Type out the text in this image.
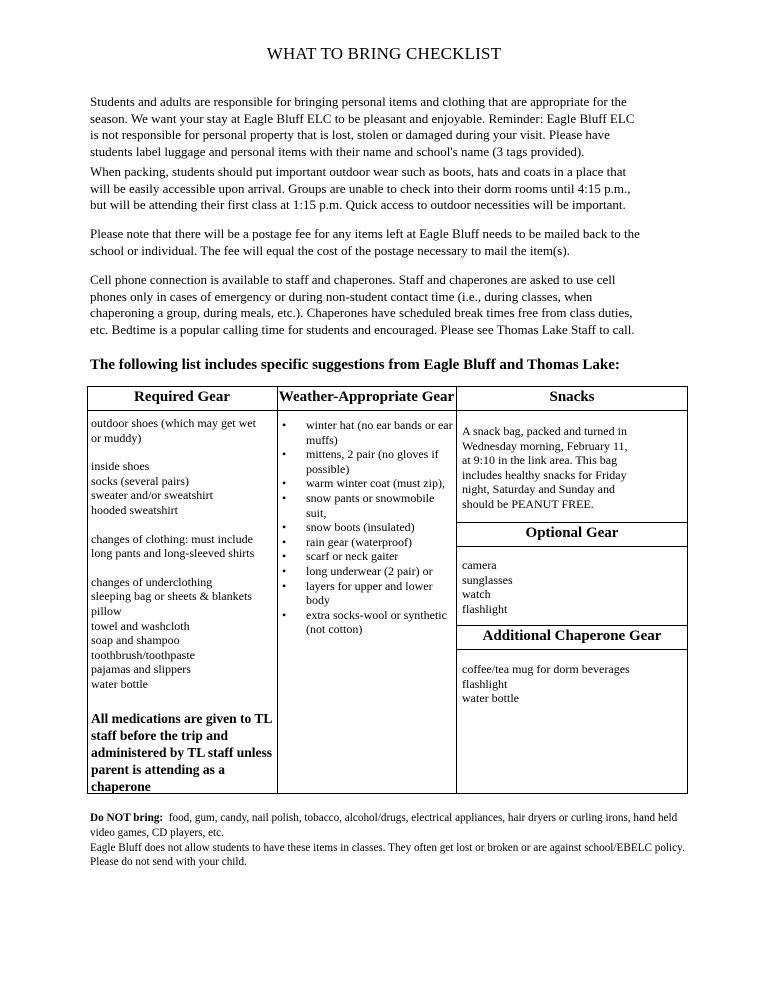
WHAT TO BRING CHECKLIST

Students and adults are responsible for bringing personal items and clothing that are appropriate for the
season. We want your stay at Eagle Bluff ELC to be pleasant and enjoyable. Reminder: Eagle Bluff ELC
is not responsible for personal property that is lost, stolen or damaged during your visit. Please have
students label luggage and personal items with their name and school's name (3 tags provided).

When packing, students should put important outdoor wear such as boots, hats and coats in a place that
will be easily accessible upon arrival. Groups are unable to check into their dorm rooms until 4:15 p.m.,
but will be attending their first class at 1:15 p.m. Quick access to outdoor necessities will be important.

Please note that there will be a postage fee for any items left at Eagle Bluff needs to be mailed back to the
school or individual. The fee will equal the cost of the postage necessary to mail the item(s).

Cell phone connection is available to staff and chaperones. Staff and chaperones are asked to use cell
phones only in cases of emergency or during non-student contact time (i.e., during classes, when
chaperoning a group, during meals, etc.). Chaperones have scheduled break times free from class duties,
etc. Bedtime is a popular calling time for students and encouraged. Please see Thomas Lake Staff to call.

The following list includes specific suggestions from Eagle Bluff and Thomas Lake:
Required Gear	Weather-Appropriate Gear	Snacks
outdoor shoes (which may get wet
or muddy)
inside shoes
socks (several pairs)
sweater and/or sweatshirt
hooded sweatshirt
changes of clothing: must include
long pants and long-sleeved shirts
changes of underclothing
sleeping bag or sheets & blankets
pillow
towel and washcloth
soap and shampoo
toothbrush/toothpaste
pajamas and slippers
water bottle
All medications are given to TL staff before the trip and administered by TL staff unless parent is attending as a chaperone
• winter hat (no ear bands or ear
muffs)
• mittens, 2 pair (no gloves if
possible)
• warm winter coat (must zip),
• snow pants or snowmobile
suit,
• snow boots (insulated)
• rain gear (waterproof)
• scarf or neck gaiter
• long underwear (2 pair) or
• layers for upper and lower
body
• extra socks-wool or synthetic
(not cotton)
A snack bag, packed and turned in
Wednesday morning, February 11,
at 9:10 in the link area. This bag
includes healthy snacks for Friday
night, Saturday and Sunday and
should be PEANUT FREE.
Optional Gear
camera
sunglasses
watch
flashlight
Additional Chaperone Gear
coffee/tea mug for dorm beverages
flashlight
water bottle
Do NOT bring: food, gum, candy, nail polish, tobacco, alcohol/drugs, electrical appliances, hair dryers or curling irons, hand held video games, CD players, etc.
Eagle Bluff does not allow students to have these items in classes. They often get lost or broken or are against school/EBELC policy. Please do not send with your child.
